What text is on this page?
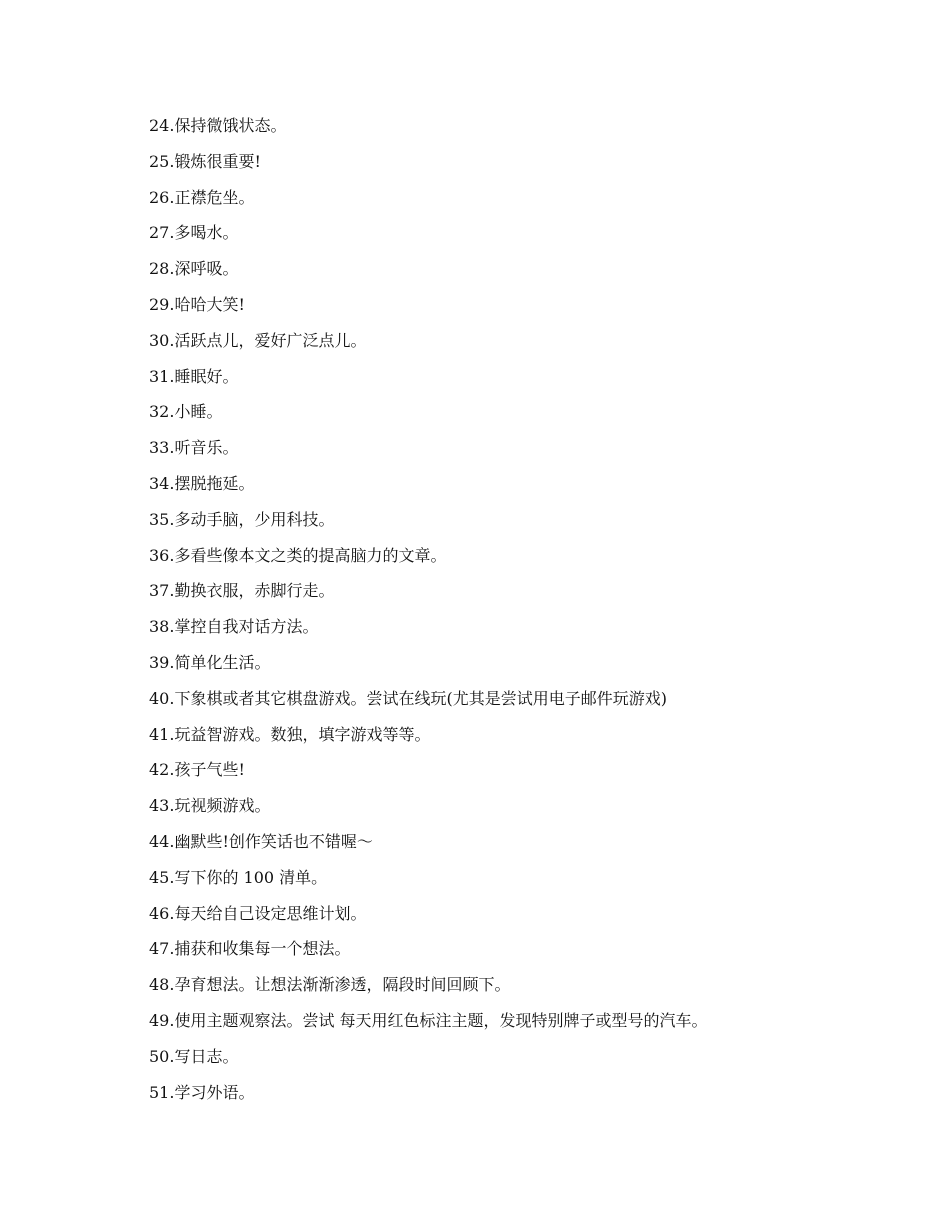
24.保持微饿状态。
25.锻炼很重要!
26.正襟危坐。
27.多喝水。
28.深呼吸。
29.哈哈大笑!
30.活跃点儿，爱好广泛点儿。
31.睡眠好。
32.小睡。
33.听音乐。
34.摆脱拖延。
35.多动手脑，少用科技。
36.多看些像本文之类的提高脑力的文章。
37.勤换衣服，赤脚行走。
38.掌控自我对话方法。
39.简单化生活。
40.下象棋或者其它棋盘游戏。尝试在线玩(尤其是尝试用电子邮件玩游戏)
41.玩益智游戏。数独，填字游戏等等。
42.孩子气些!
43.玩视频游戏。
44.幽默些!创作笑话也不错喔～
45.写下你的 100 清单。
46.每天给自己设定思维计划。
47.捕获和收集每一个想法。
48.孕育想法。让想法渐渐渗透，隔段时间回顾下。
49.使用主题观察法。尝试 每天用红色标注主题，发现特别牌子或型号的汽车。
50.写日志。
51.学习外语。
